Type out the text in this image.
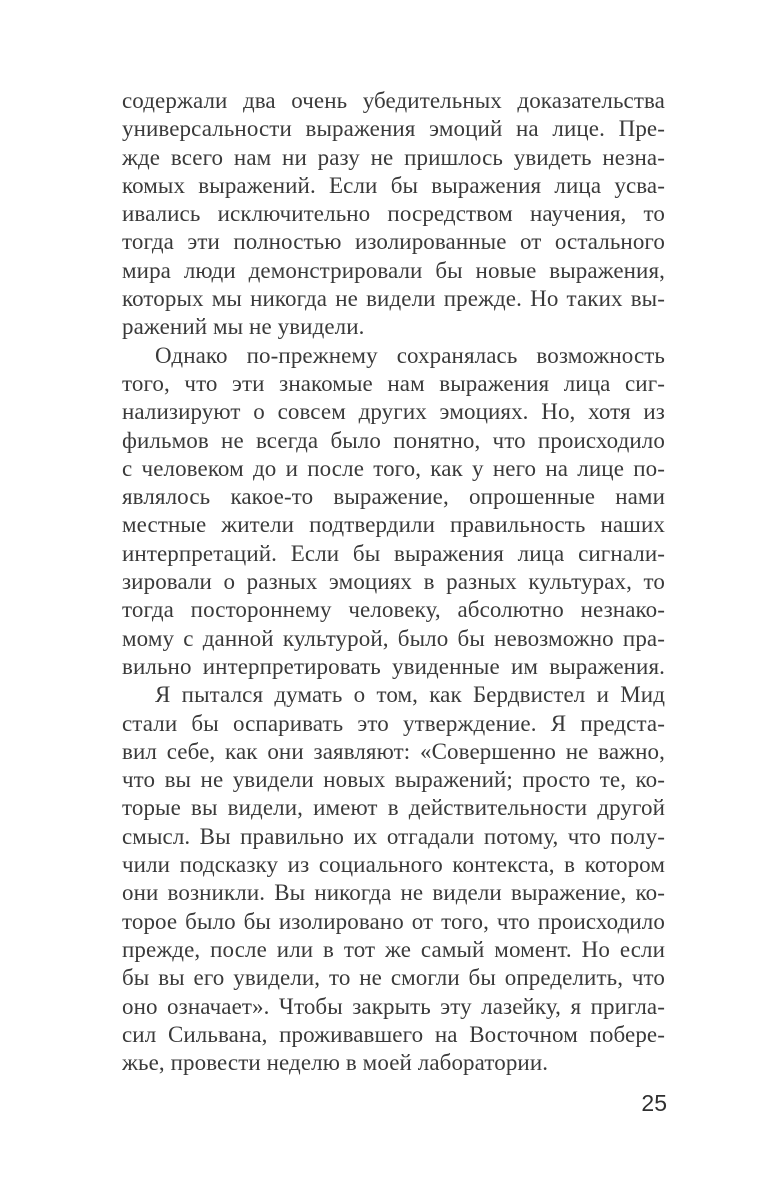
содержали два очень убедительных доказательства
универсальности выражения эмоций на лице. Пре-
жде всего нам ни разу не пришлось увидеть незна-
комых выражений. Если бы выражения лица усва-
ивались исключительно посредством научения, то
тогда эти полностью изолированные от остального
мира люди демонстрировали бы новые выражения,
которых мы никогда не видели прежде. Но таких вы-
ражений мы не увидели.
Однако по-прежнему сохранялась возможность
того, что эти знакомые нам выражения лица сиг-
нализируют о совсем других эмоциях. Но, хотя из
фильмов не всегда было понятно, что происходило
с человеком до и после того, как у него на лице по-
являлось какое-то выражение, опрошенные нами
местные жители подтвердили правильность наших
интерпретаций. Если бы выражения лица сигнали-
зировали о разных эмоциях в разных культурах, то
тогда постороннему человеку, абсолютно незнако-
мому с данной культурой, было бы невозможно пра-
вильно интерпретировать увиденные им выражения.
Я пытался думать о том, как Бердвистел и Мид
стали бы оспаривать это утверждение. Я предста-
вил себе, как они заявляют: «Совершенно не важно,
что вы не увидели новых выражений; просто те, ко-
торые вы видели, имеют в действительности другой
смысл. Вы правильно их отгадали потому, что полу-
чили подсказку из социального контекста, в котором
они возникли. Вы никогда не видели выражение, ко-
торое было бы изолировано от того, что происходило
прежде, после или в тот же самый момент. Но если
бы вы его увидели, то не смогли бы определить, что
оно означает». Чтобы закрыть эту лазейку, я пригла-
сил Сильвана, проживавшего на Восточном побере-
жье, провести неделю в моей лаборатории.
25
